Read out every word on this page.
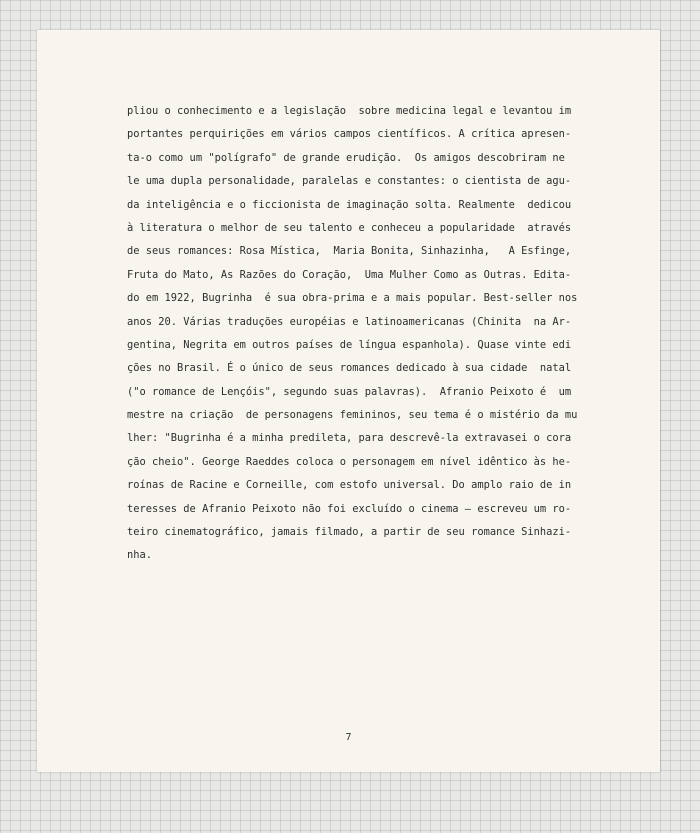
pliou o conhecimento e a legislação  sobre medicina legal e levantou im
portantes perquirições em vários campos científicos. A crítica apresen-
ta-o como um "polígrafo" de grande erudição.  Os amigos descobriram ne
le uma dupla personalidade, paralelas e constantes: o cientista de agu-
da inteligência e o ficcionista de imaginação solta. Realmente  dedicou
à literatura o melhor de seu talento e conheceu a popularidade  através
de seus romances: Rosa Mística,  Maria Bonita, Sinhazinha,   A Esfinge,
Fruta do Mato, As Razões do Coração,  Uma Mulher Como as Outras. Edita-
do em 1922, Bugrinha  é sua obra-prima e a mais popular. Best-seller nos
anos 20. Várias traduções européias e latinoamericanas (Chinita  na Ar-
gentina, Negrita em outros países de língua espanhola). Quase vinte edi
ções no Brasil. É o único de seus romances dedicado à sua cidade  natal
("o romance de Lençóis", segundo suas palavras).  Afranio Peixoto é  um
mestre na criação  de personagens femininos, seu tema é o mistério da mu
lher: "Bugrinha é a minha predileta, para descrevê-la extravasei o cora
ção cheio". George Raeddes coloca o personagem em nível idêntico às he-
roínas de Racine e Corneille, com estofo universal. Do amplo raio de in
teresses de Afranio Peixoto não foi excluído o cinema — escreveu um ro-
teiro cinematográfico, jamais filmado, a partir de seu romance Sinhazi-
nha.
7
